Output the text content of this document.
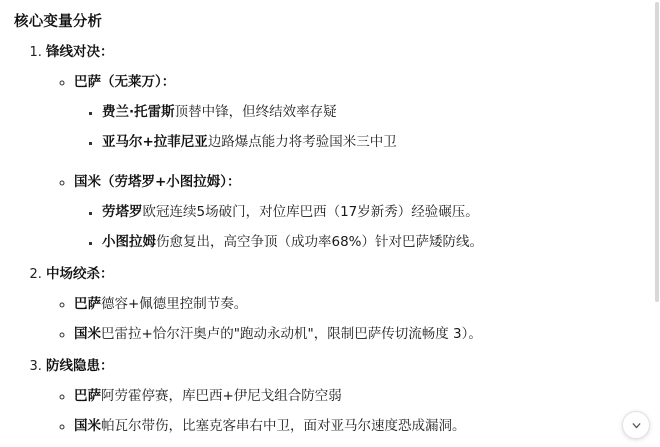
核心变量分析
1. 锋线对决：
◦ 巴萨（无莱万）：
▪ 费兰·托雷斯顶替中锋，但终结效率存疑
▪ 亚马尔+拉菲尼亚边路爆点能力将考验国米三中卫
◦ 国米（劳塔罗+小图拉姆）：
▪ 劳塔罗欧冠连续5场破门，对位库巴西（17岁新秀）经验碾压。
▪ 小图拉姆伤愈复出，高空争顶（成功率68%）针对巴萨矮防线。
2. 中场绞杀：
◦ 巴萨德容+佩德里控制节奏。
◦ 国米巴雷拉+恰尔汗奥卢的"跑动永动机"，限制巴萨传切流畅度 3）。
3. 防线隐患：
◦ 巴萨阿劳霍停赛，库巴西+伊尼戈组合防空弱
◦ 国米帕瓦尔带伤，比塞克客串右中卫，面对亚马尔速度恐成漏洞。
